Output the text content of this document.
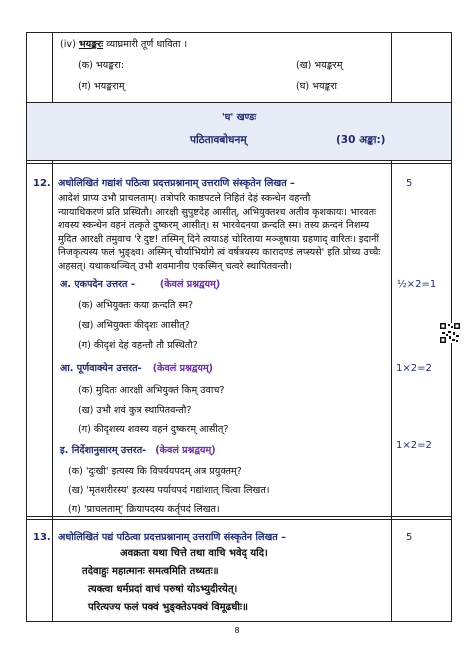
(iv) भयङ्करः व्याघ्रमारी तूर्णं धाविता ।
(क) भयङ्करा:	(ख) भयङ्करम्
(ग) भयङ्कराम्	(घ) भयङ्करा
'घ' खण्डः
पठितावबोधनम्	(30 अङ्का:)
12. अधोलिखितं गद्यांशं पठित्वा प्रदत्तप्रश्नानाम् उत्तराणि संस्कृतेन लिखत –	5
आदेशं प्राप्य उभौ प्राचलताम्। तत्रोपरि काष्ठपटले निहितं देहं स्कन्धेन वहन्तौ
न्यायाधिकरणं प्रति प्रस्थितौ। आरक्षी सुपुष्टदेह आसीत्, अभियुक्तश्च अतीव कृशकायः। भारवतः
शवस्य स्कन्धेन वहनं तत्कृते दुष्करम् आसीत्। स भारवेदनया क्रन्दति स्म। तस्य क्रन्दनं निशम्य
मुदित आरक्षी तमुवाच 'रे दुष्ट! तस्मिन् दिने त्वयाऽहं चोरिताया मञ्जूषाया ग्रहणाद् वारितः। इदानीं
निजकृत्यस्य फलं भुङ्क्ष्व। अस्मिन् चौर्याभियोगे त्वं वर्षत्रयस्य कारादण्डं लप्स्यसे' इति प्रोच्य उच्चैः
अहसत्। यथाकथञ्चित् उभौ शवमानीय एकस्मिन् चत्वरे स्थापितवन्तौ।
अ. एकपदेन उत्तरत -	(केवलं प्रश्नद्वयम्)	½×2=1
(क) अभियुक्तः कया क्रन्दति स्म?
(ख) अभियुक्तः कीदृशः आसीत्?
(ग) कीदृशं देहं वहन्तौ तौ प्रस्थितौ?
आ. पूर्णवाक्येन उत्तरत- (केवलं प्रश्नद्वयम्)	1×2=2
(क) मुदितः आरक्षी अभियुक्तं किम् उवाच?
(ख) उभौ शवं कुत्र स्थापितवन्तौ?
(ग) कीदृशस्य शवस्य वहनं दुष्करम् आसीत्?
इ. निर्देशानुसारम् उत्तरत- (केवलं प्रश्नद्वयम्)	1×2=2
(क) 'दुःखी' इत्यस्य कि विपर्ययपदम् अत्र प्रयुक्तम्?
(ख) 'मृतशरीरस्य' इत्यस्य पर्यायपदं गद्यांशात् चित्वा लिखत।
(ग) 'प्राचलताम्' क्रियापदस्य कर्तृपदं लिखत।
13. अधोलिखितं पद्यं पठित्वा प्रदत्तप्रश्नानाम् उत्तराणि संस्कृतेन लिखत –	5
अवक्रता यथा चित्ते तथा वाचि भवेद् यदि।
तदेवाहुः महात्मानः समत्वमिति तथ्यतः॥
त्यक्त्वा धर्मप्रदां वाचं परुषां योऽभ्युदीरयेत्।
परित्यज्य फलं पक्वं भुङ्क्तेऽपक्वं विमूढधीः॥
8
